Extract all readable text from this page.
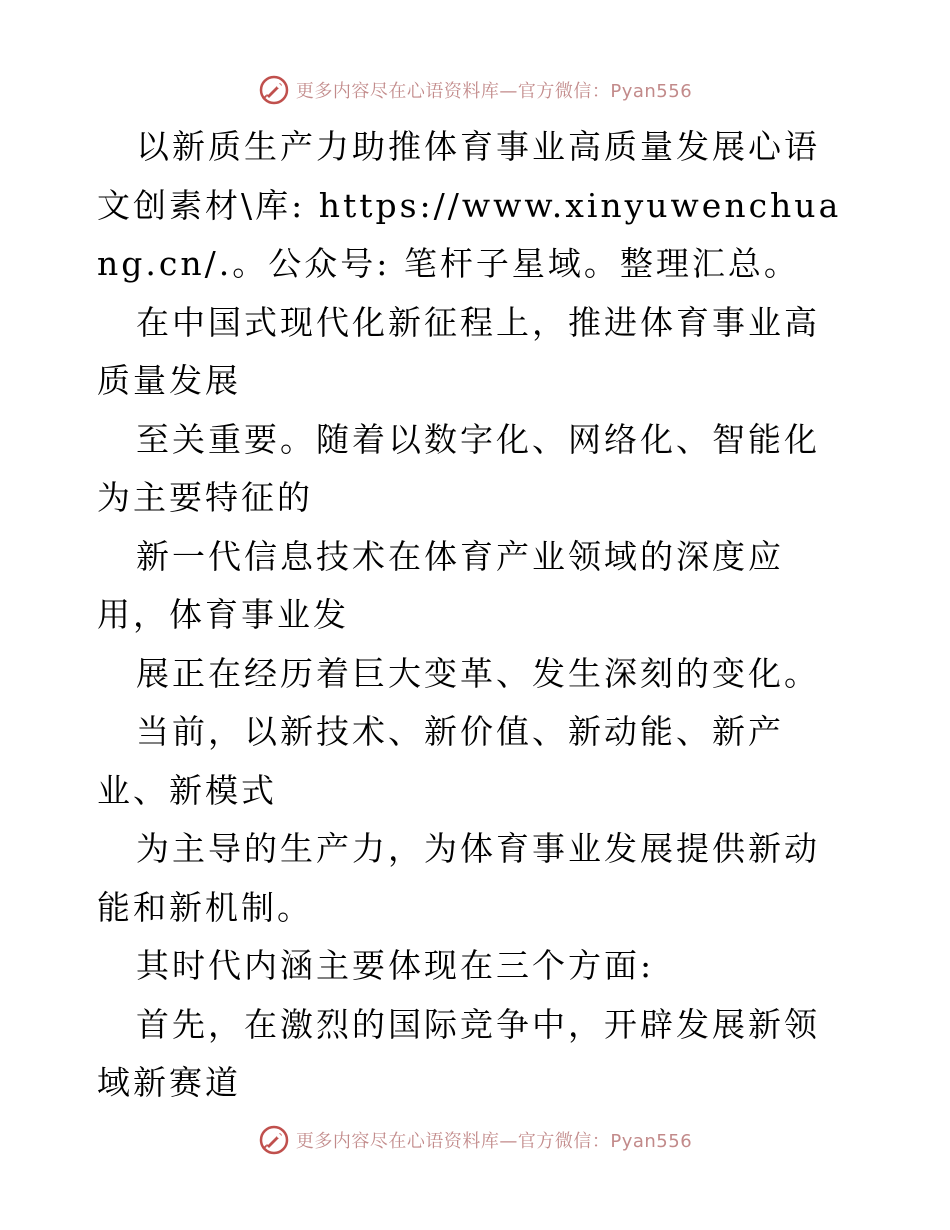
更多内容尽在心语资料库—官方微信：Pyan556

以新质生产力助推体育事业高质量发展心语文创素材\库: https://www.xinyuwenchuang.cn/.。公众号: 笔杆子星域。整理汇总。

在中国式现代化新征程上，推进体育事业高质量发展

至关重要。随着以数字化、网络化、智能化为主要特征的

新一代信息技术在体育产业领域的深度应用，体育事业发

展正在经历着巨大变革、发生深刻的变化。

当前，以新技术、新价值、新动能、新产业、新模式

为主导的生产力，为体育事业发展提供新动能和新机制。

其时代内涵主要体现在三个方面:

首先，在激烈的国际竞争中，开辟发展新领域新赛道

更多内容尽在心语资料库—官方微信：Pyan556
